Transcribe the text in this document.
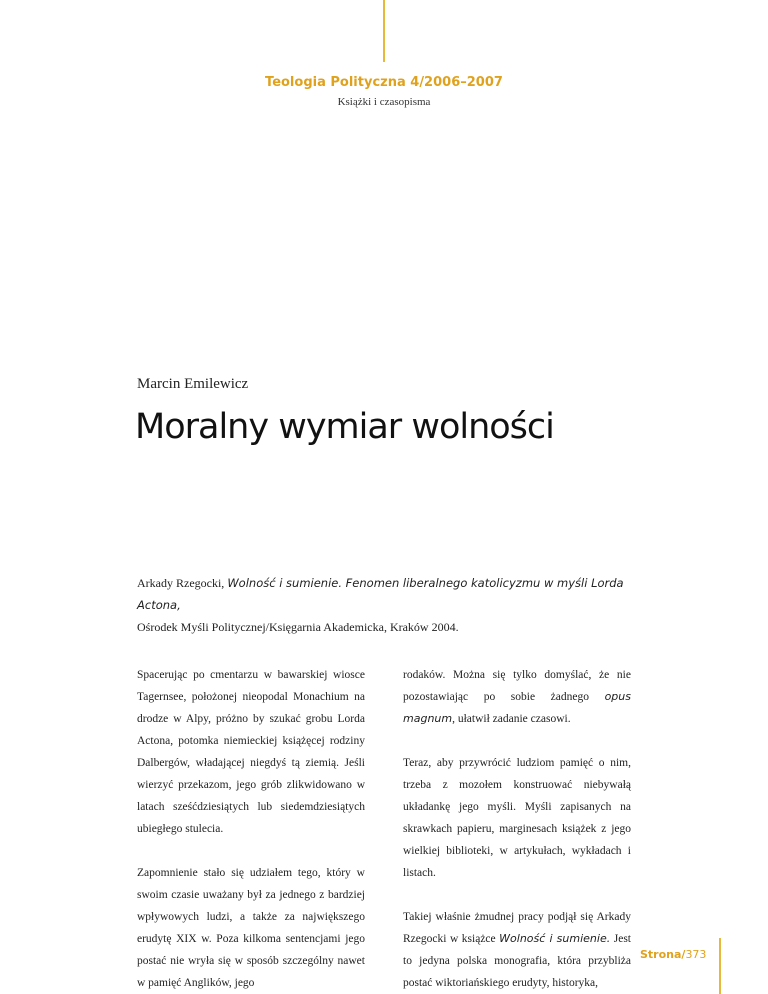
Teologia Polityczna 4/2006–2007
Książki i czasopisma
Marcin Emilewicz
Moralny wymiar wolności
Arkady Rzegocki, Wolność i sumienie. Fenomen liberalnego katolicyzmu w myśli Lorda Actona,
Ośrodek Myśli Politycznej/Księgarnia Akademicka, Kraków 2004.

Spacerując po cmentarzu w bawarskiej wiosce Tagernsee, położonej nieopodal Monachium na drodze w Alpy, próżno by szukać grobu Lorda Actona, potomka niemieckiej książęcej rodziny Dalbergów, władającej niegdyś tą ziemią. Jeśli wierzyć przekazom, jego grób zlikwidowano w latach sześćdziesiątych lub siedemdziesiątych ubiegłego stulecia.

Zapomnienie stało się udziałem tego, który w swoim czasie uważany był za jednego z bardziej wpływowych ludzi, a także za największego erudytę XIX w. Poza kilkoma sentencjami jego postać nie wryła się w sposób szczególny nawet w pamięć Anglików, jego

rodaków. Można się tylko domyślać, że nie pozostawiając po sobie żadnego opus magnum, ułatwił zadanie czasowi.

Teraz, aby przywrócić ludziom pamięć o nim, trzeba z mozołem konstruować niebywałą układankę jego myśli. Myśli zapisanych na skrawkach papieru, marginesach książek z jego wielkiej biblioteki, w artykułach, wykładach i listach.

Takiej właśnie żmudnej pracy podjął się Arkady Rzegocki w książce Wolność i sumienie. Jest to jedyna polska monografia, która przybliża postać wiktoriańskiego erudyty, historyka,

Strona/373
